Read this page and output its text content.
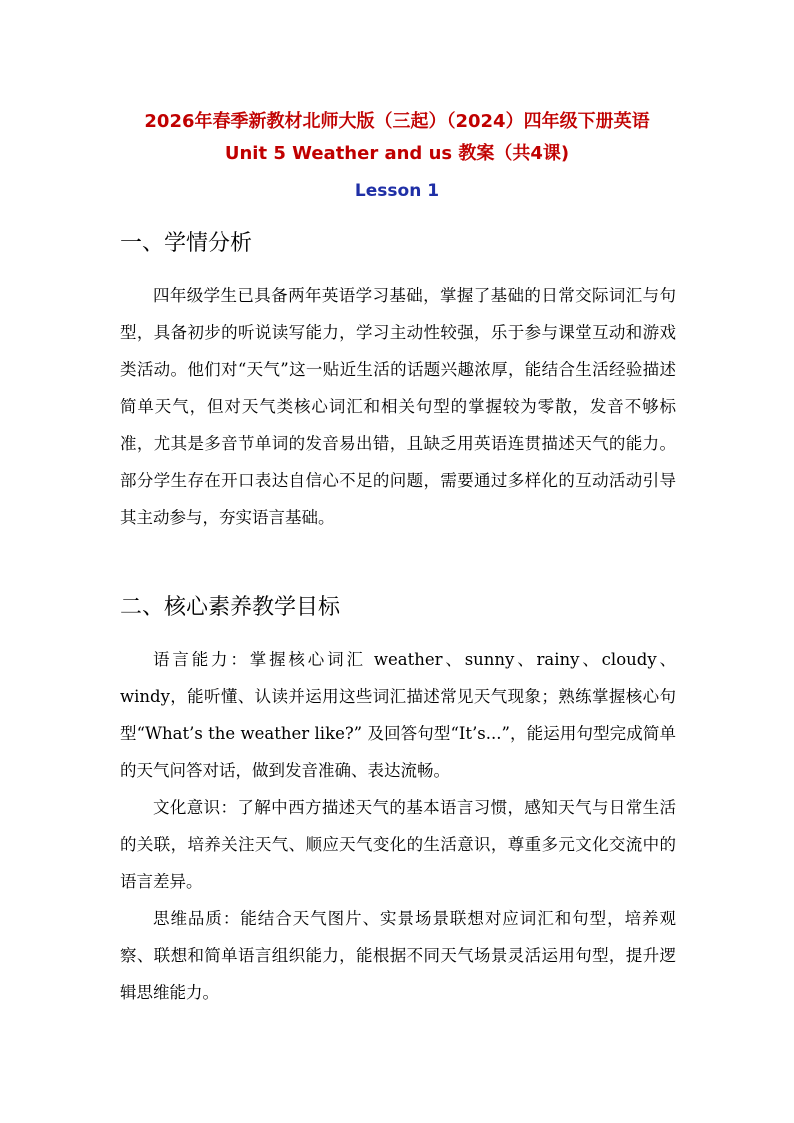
2026年春季新教材北师大版（三起）（2024）四年级下册英语
Unit 5 Weather and us 教案（共4课)
Lesson 1
一、学情分析

四年级学生已具备两年英语学习基础，掌握了基础的日常交际词汇与句型，具备初步的听说读写能力，学习主动性较强，乐于参与课堂互动和游戏类活动。他们对“天气”这一贴近生活的话题兴趣浓厚，能结合生活经验描述简单天气，但对天气类核心词汇和相关句型的掌握较为零散，发音不够标准，尤其是多音节单词的发音易出错，且缺乏用英语连贯描述天气的能力。部分学生存在开口表达自信心不足的问题，需要通过多样化的互动活动引导其主动参与，夯实语言基础。

二、核心素养教学目标

语言能力：掌握核心词汇 weather、sunny、rainy、cloudy、windy，能听懂、认读并运用这些词汇描述常见天气现象；熟练掌握核心句型“What’s the weather like?” 及回答句型“It’s...”，能运用句型完成简单的天气问答对话，做到发音准确、表达流畅。

文化意识：了解中西方描述天气的基本语言习惯，感知天气与日常生活的关联，培养关注天气、顺应天气变化的生活意识，尊重多元文化交流中的语言差异。

思维品质：能结合天气图片、实景场景联想对应词汇和句型，培养观察、联想和简单语言组织能力，能根据不同天气场景灵活运用句型，提升逻辑思维能力。
